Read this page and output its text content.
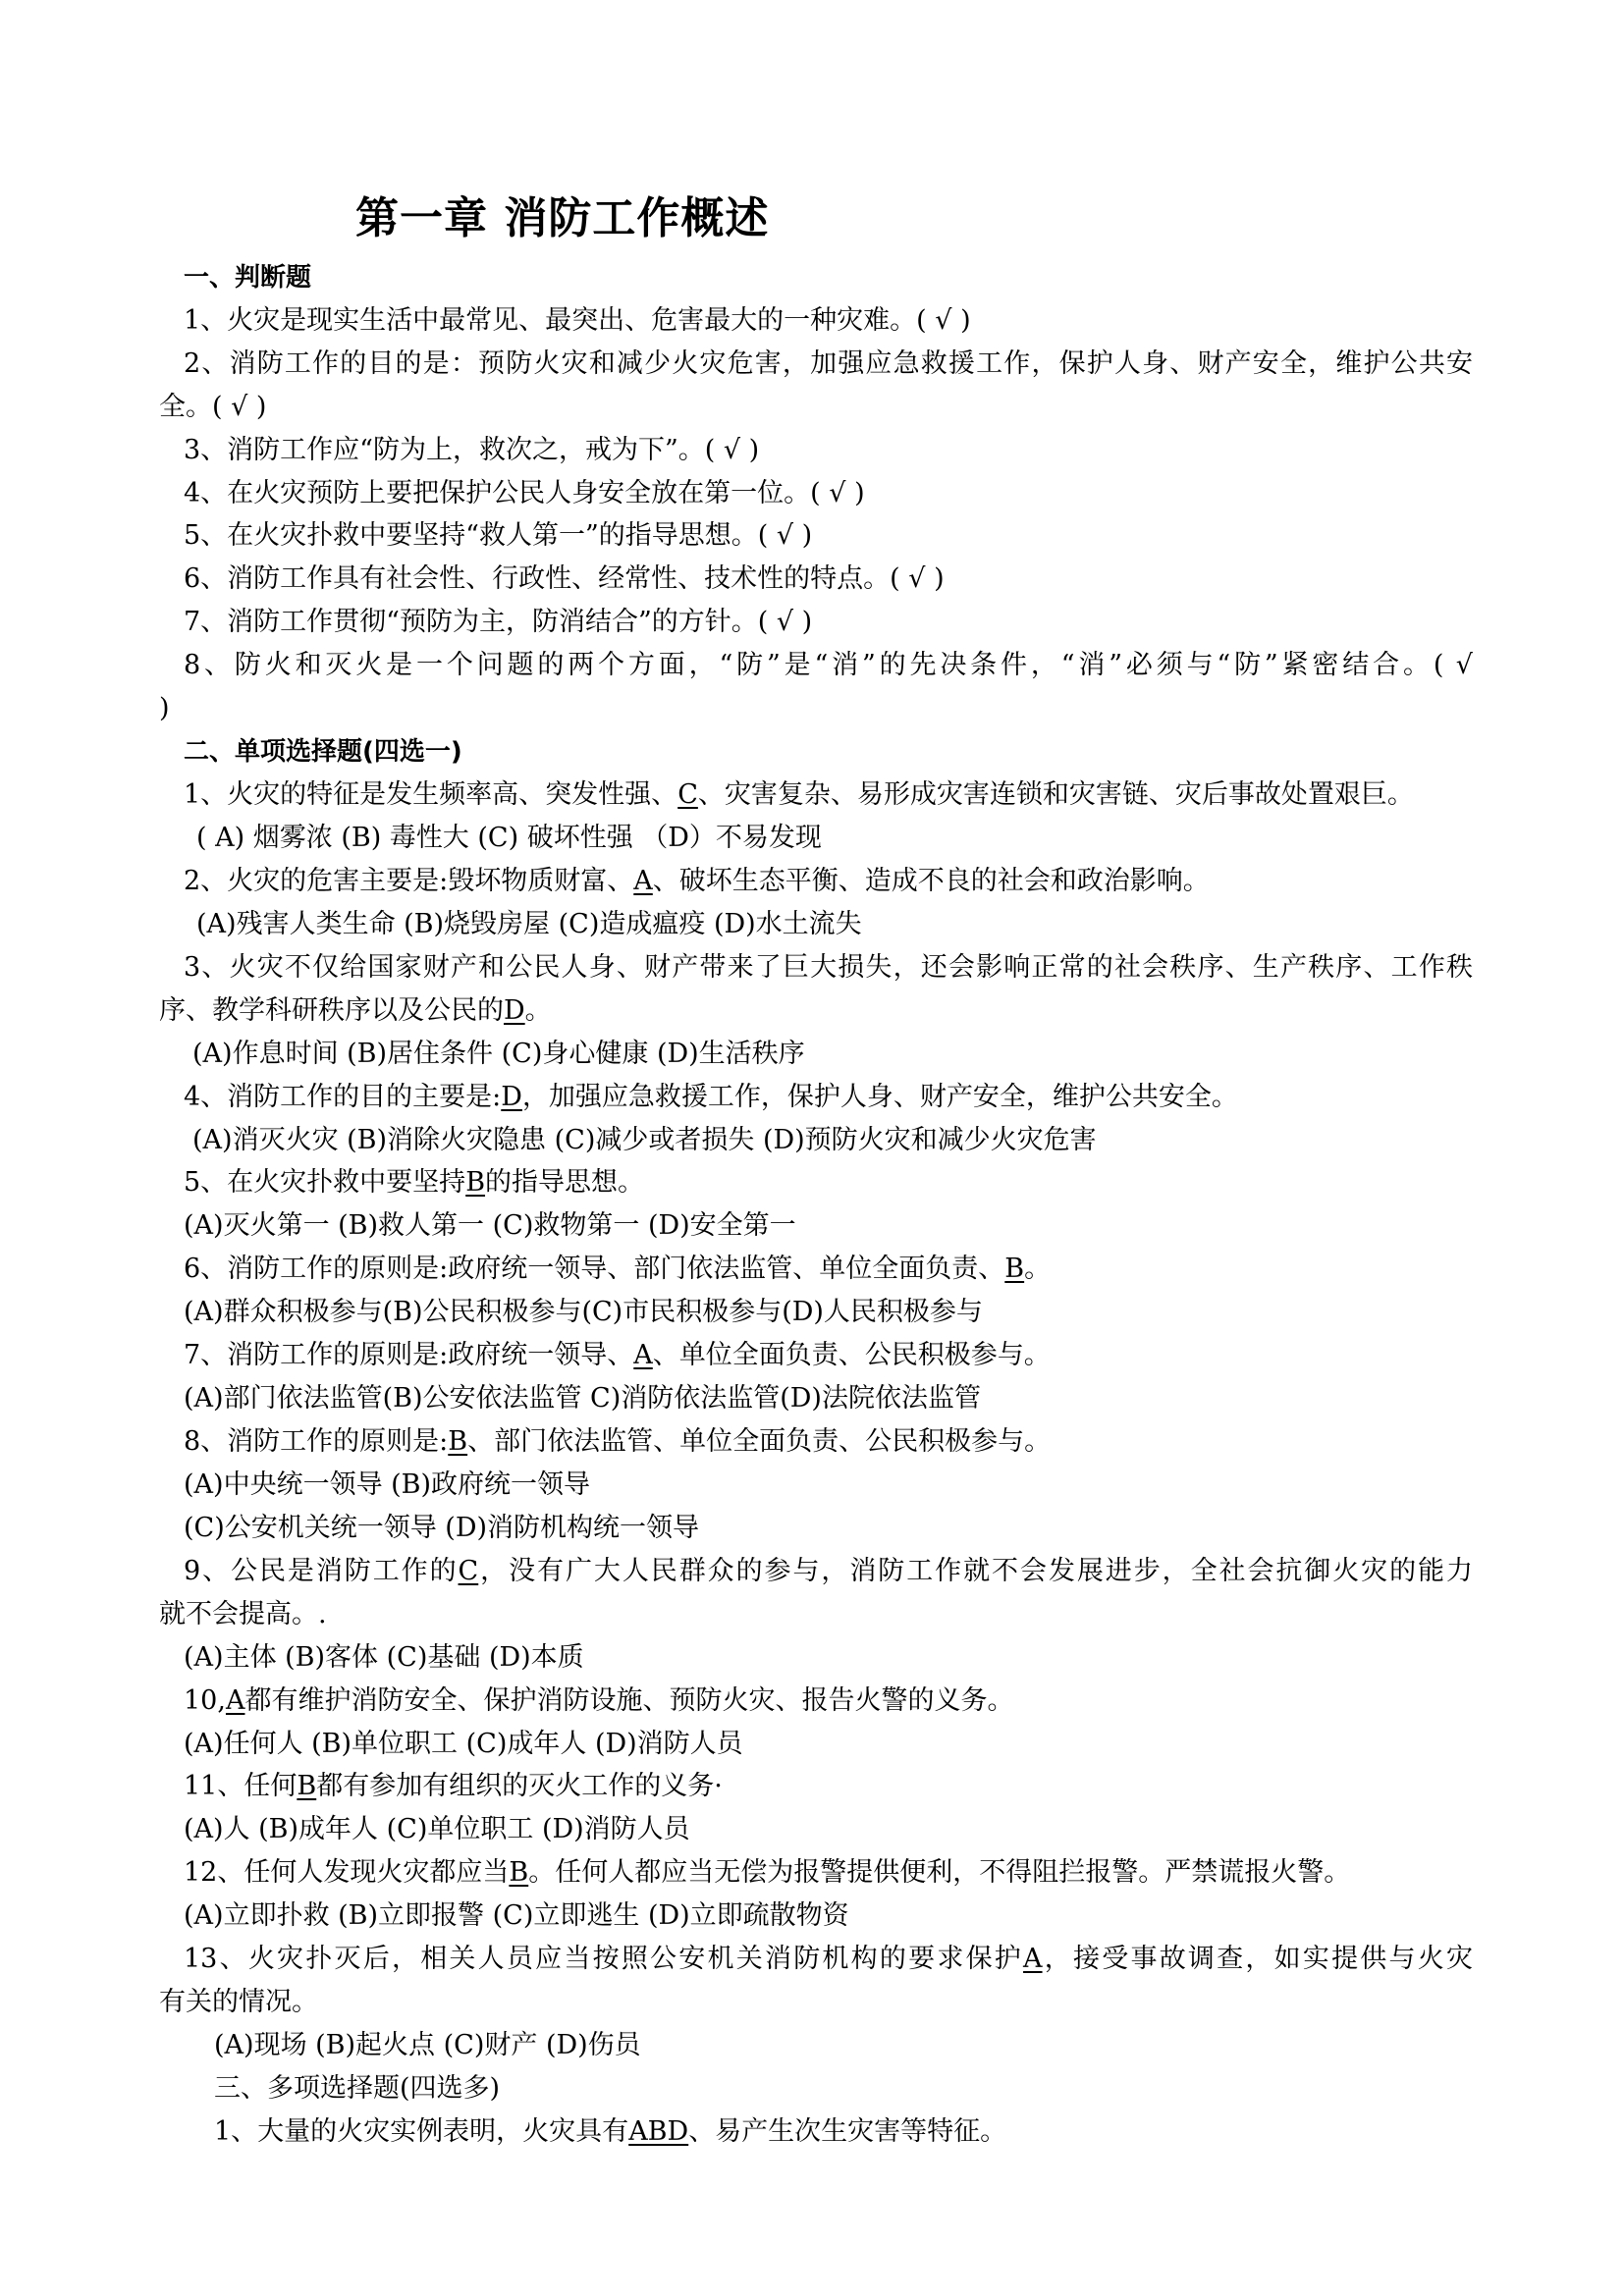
第一章 消防工作概述
一、判断题
1、火灾是现实生活中最常见、最突出、危害最大的一种灾难。( √ )
2、消防工作的目的是：预防火灾和减少火灾危害，加强应急救援工作，保护人身、财产安全，维护公共安
全。( √ )
3、消防工作应“防为上，救次之，戒为下”。( √ )
4、在火灾预防上要把保护公民人身安全放在第一位。( √ )
5、在火灾扑救中要坚持“救人第一”的指导思想。( √ )
6、消防工作具有社会性、行政性、经常性、技术性的特点。( √ )
7、消防工作贯彻“预防为主，防消结合”的方针。( √ )
8、防火和灭火是一个问题的两个方面，“防”是“消”的先决条件，“消”必须与“防”紧密结合。( √
)
二、单项选择题(四选一)
1、火灾的特征是发生频率高、突发性强、C、灾害复杂、易形成灾害连锁和灾害链、灾后事故处置艰巨。
( A) 烟雾浓 (B) 毒性大 (C) 破坏性强 （D）不易发现
2、火灾的危害主要是:毁坏物质财富、A、破坏生态平衡、造成不良的社会和政治影响。
(A)残害人类生命 (B)烧毁房屋 (C)造成瘟疫 (D)水土流失
3、火灾不仅给国家财产和公民人身、财产带来了巨大损失，还会影响正常的社会秩序、生产秩序、工作秩
序、教学科研秩序以及公民的D。
(A)作息时间 (B)居住条件 (C)身心健康 (D)生活秩序
4、消防工作的目的主要是:D，加强应急救援工作，保护人身、财产安全，维护公共安全。
(A)消灭火灾 (B)消除火灾隐患 (C)减少或者损失 (D)预防火灾和减少火灾危害
5、在火灾扑救中要坚持B的指导思想。
(A)灭火第一 (B)救人第一 (C)救物第一 (D)安全第一
6、消防工作的原则是:政府统一领导、部门依法监管、单位全面负责、B。
(A)群众积极参与(B)公民积极参与(C)市民积极参与(D)人民积极参与
7、消防工作的原则是:政府统一领导、A、单位全面负责、公民积极参与。
(A)部门依法监管(B)公安依法监管 C)消防依法监管(D)法院依法监管
8、消防工作的原则是:B、部门依法监管、单位全面负责、公民积极参与。
(A)中央统一领导 (B)政府统一领导
(C)公安机关统一领导 (D)消防机构统一领导
9、公民是消防工作的C，没有广大人民群众的参与，消防工作就不会发展进步，全社会抗御火灾的能力
就不会提高。.
(A)主体 (B)客体 (C)基础 (D)本质
10,A都有维护消防安全、保护消防设施、预防火灾、报告火警的义务。
(A)任何人 (B)单位职工 (C)成年人 (D)消防人员
11、任何B都有参加有组织的灭火工作的义务·
(A)人 (B)成年人 (C)单位职工 (D)消防人员
12、任何人发现火灾都应当B。任何人都应当无偿为报警提供便利，不得阻拦报警。严禁谎报火警。
(A)立即扑救 (B)立即报警 (C)立即逃生 (D)立即疏散物资
13、火灾扑灭后，相关人员应当按照公安机关消防机构的要求保护A，接受事故调查，如实提供与火灾
有关的情况。
(A)现场 (B)起火点 (C)财产 (D)伤员
三、多项选择题(四选多)
1、大量的火灾实例表明，火灾具有ABD、易产生次生灾害等特征。
